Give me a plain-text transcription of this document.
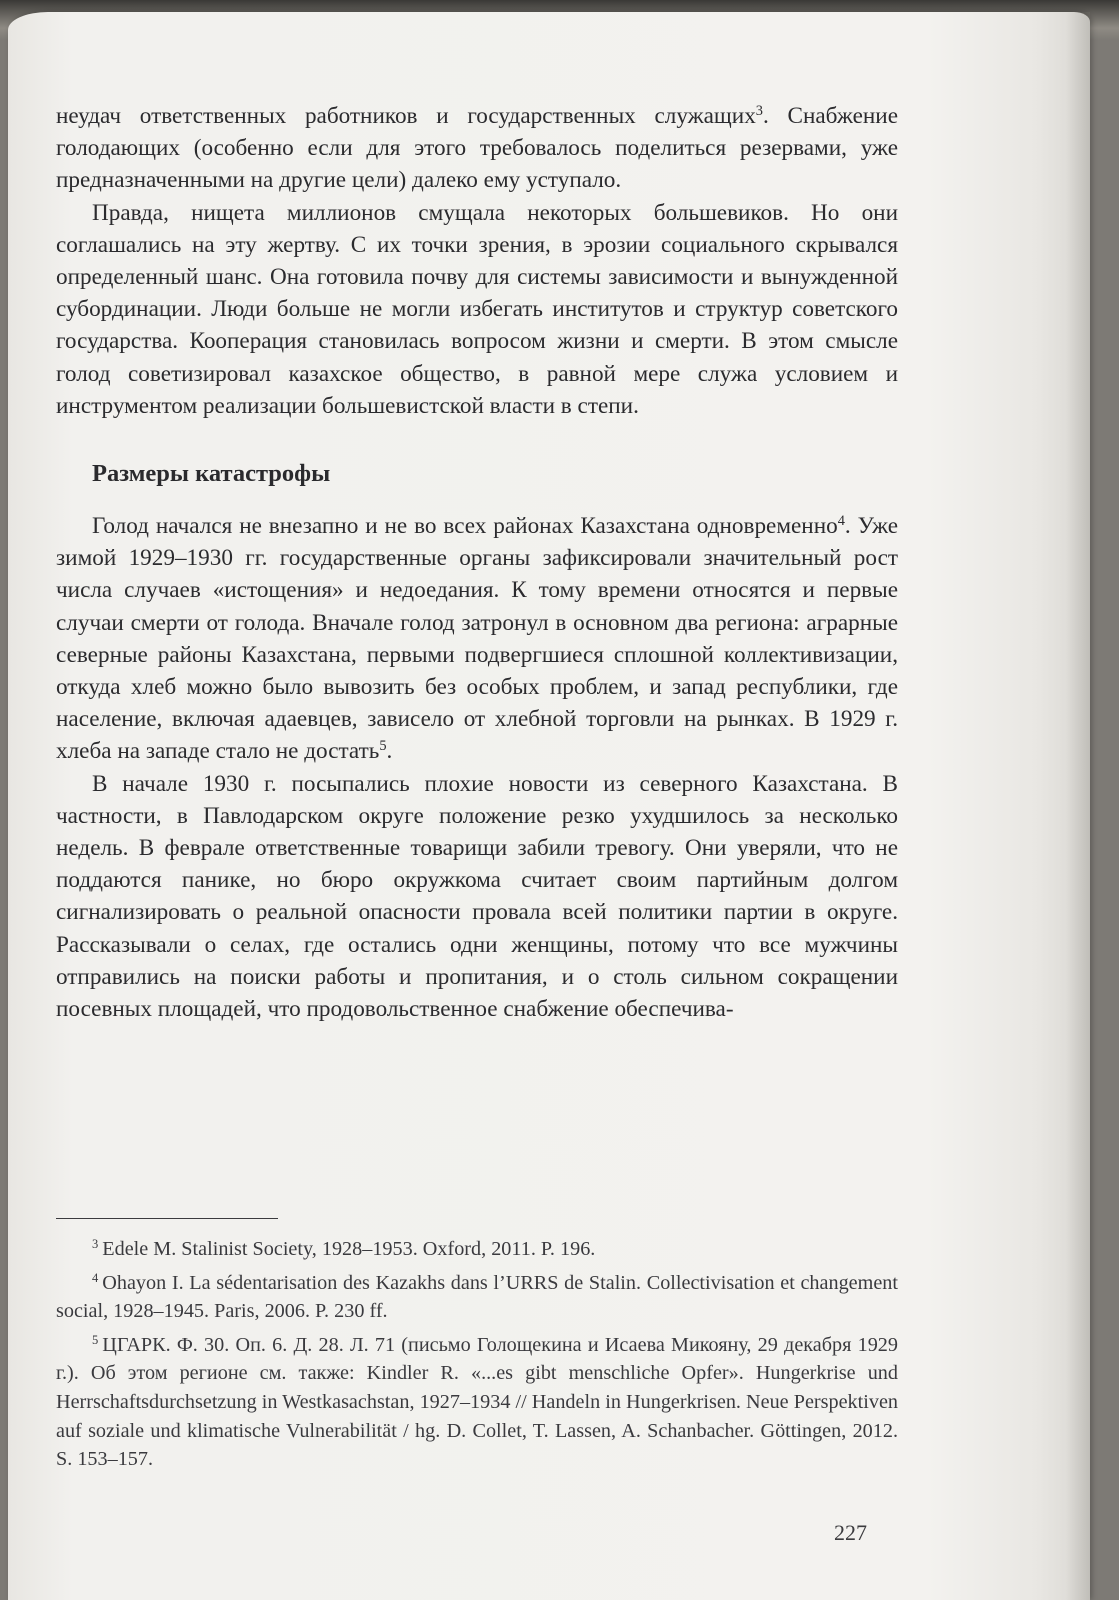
неудач ответственных работников и государственных служащих$^3$. Снабжение голодающих (особенно если для этого требовалось поделиться резервами, уже предназначенными на другие цели) далеко ему уступало.

Правда, нищета миллионов смущала некоторых большевиков. Но они соглашались на эту жертву. С их точки зрения, в эрозии социального скрывался определенный шанс. Она готовила почву для системы зависимости и вынужденной субординации. Люди больше не могли избегать институтов и структур советского государства. Кооперация становилась вопросом жизни и смерти. В этом смысле голод советизировал казахское общество, в равной мере служа условием и инструментом реализации большевистской власти в степи.

Размеры катастрофы

Голод начался не внезапно и не во всех районах Казахстана одновременно$^4$. Уже зимой 1929–1930 гг. государственные органы зафиксировали значительный рост числа случаев «истощения» и недоедания. К тому времени относятся и первые случаи смерти от голода. Вначале голод затронул в основном два региона: аграрные северные районы Казахстана, первыми подвергшиеся сплошной коллективизации, откуда хлеб можно было вывозить без особых проблем, и запад республики, где население, включая адаевцев, зависело от хлебной торговли на рынках. В 1929 г. хлеба на западе стало не достать$^5$.

В начале 1930 г. посыпались плохие новости из северного Казахстана. В частности, в Павлодарском округе положение резко ухудшилось за несколько недель. В феврале ответственные товарищи забили тревогу. Они уверяли, что не поддаются панике, но бюро окружкома считает своим партийным долгом сигнализировать о реальной опасности провала всей политики партии в округе. Рассказывали о селах, где остались одни женщины, потому что все мужчины отправились на поиски работы и пропитания, и о столь сильном сокращении посевных площадей, что продовольственное снабжение обеспечива-

$^3$ Edele M. Stalinist Society, 1928–1953. Oxford, 2011. P. 196.

$^4$ Ohayon I. La sédentarisation des Kazakhs dans l’URRS de Stalin. Collectivisation et changement social, 1928–1945. Paris, 2006. P. 230 ff.

$^5$ ЦГАРК. Ф. 30. Оп. 6. Д. 28. Л. 71 (письмо Голощекина и Исаева Микояну, 29 декабря 1929 г.). Об этом регионе см. также: Kindler R. «...es gibt menschliche Opfer». Hungerkrise und Herrschaftsdurchsetzung in Westkasachstan, 1927–1934 // Handeln in Hungerkrisen. Neue Perspektiven auf soziale und klimatische Vulnerabilität / hg. D. Collet, T. Lassen, A. Schanbacher. Göttingen, 2012. S. 153–157.

227
